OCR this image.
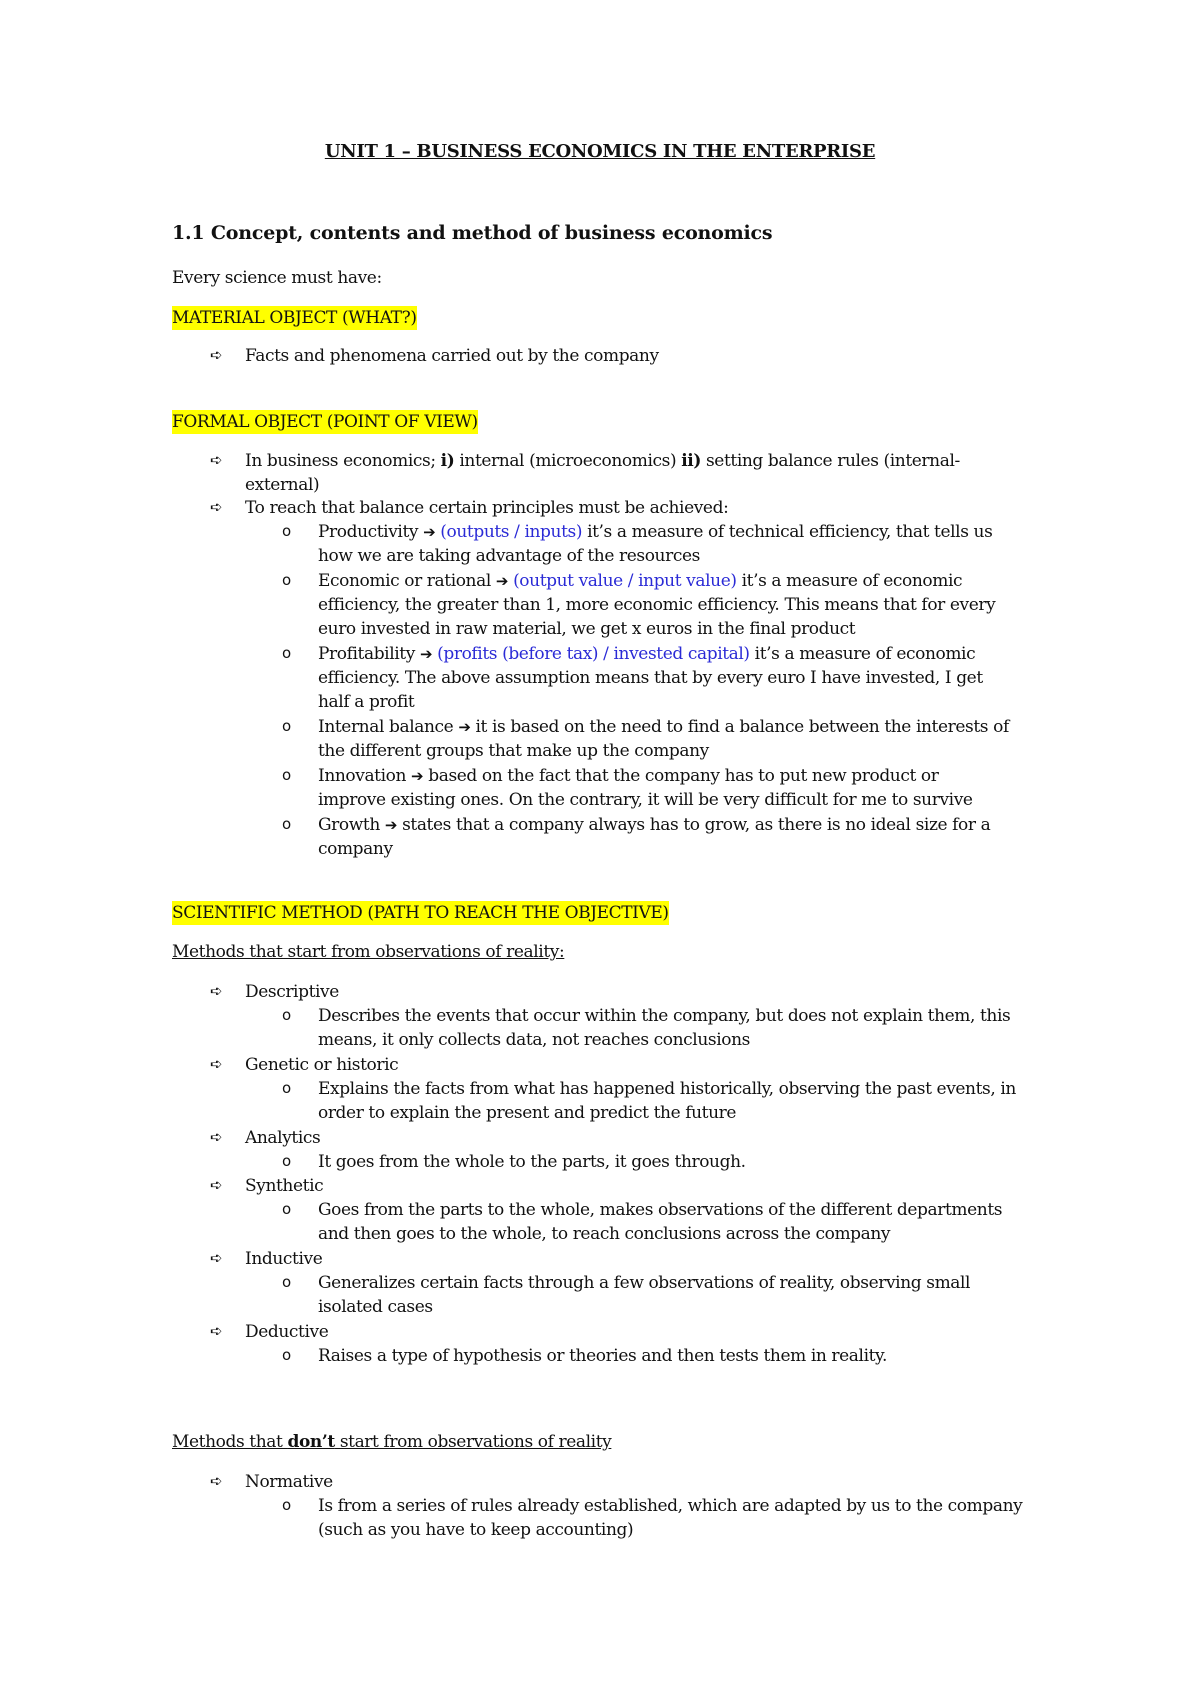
UNIT 1 – BUSINESS ECONOMICS IN THE ENTERPRISE
1.1 Concept, contents and method of business economics
Every science must have:
MATERIAL OBJECT (WHAT?)
➪ Facts and phenomena carried out by the company
FORMAL OBJECT (POINT OF VIEW)
➪ In business economics; i) internal (microeconomics) ii) setting balance rules (internal-
external)
➪ To reach that balance certain principles must be achieved:
o Productivity ➔ (outputs / inputs) it’s a measure of technical efficiency, that tells us
how we are taking advantage of the resources
o Economic or rational ➔ (output value / input value) it’s a measure of economic
efficiency, the greater than 1, more economic efficiency. This means that for every
euro invested in raw material, we get x euros in the final product
o Profitability ➔ (profits (before tax) / invested capital) it’s a measure of economic
efficiency. The above assumption means that by every euro I have invested, I get
half a profit
o Internal balance ➔ it is based on the need to find a balance between the interests of
the different groups that make up the company
o Innovation ➔ based on the fact that the company has to put new product or
improve existing ones. On the contrary, it will be very difficult for me to survive
o Growth ➔ states that a company always has to grow, as there is no ideal size for a
company
SCIENTIFIC METHOD (PATH TO REACH THE OBJECTIVE)
Methods that start from observations of reality:
➪ Descriptive
o Describes the events that occur within the company, but does not explain them, this
means, it only collects data, not reaches conclusions
➪ Genetic or historic
o Explains the facts from what has happened historically, observing the past events, in
order to explain the present and predict the future
➪ Analytics
o It goes from the whole to the parts, it goes through.
➪ Synthetic
o Goes from the parts to the whole, makes observations of the different departments
and then goes to the whole, to reach conclusions across the company
➪ Inductive
o Generalizes certain facts through a few observations of reality, observing small
isolated cases
➪ Deductive
o Raises a type of hypothesis or theories and then tests them in reality.
Methods that don’t start from observations of reality
➪ Normative
o Is from a series of rules already established, which are adapted by us to the company
(such as you have to keep accounting)
